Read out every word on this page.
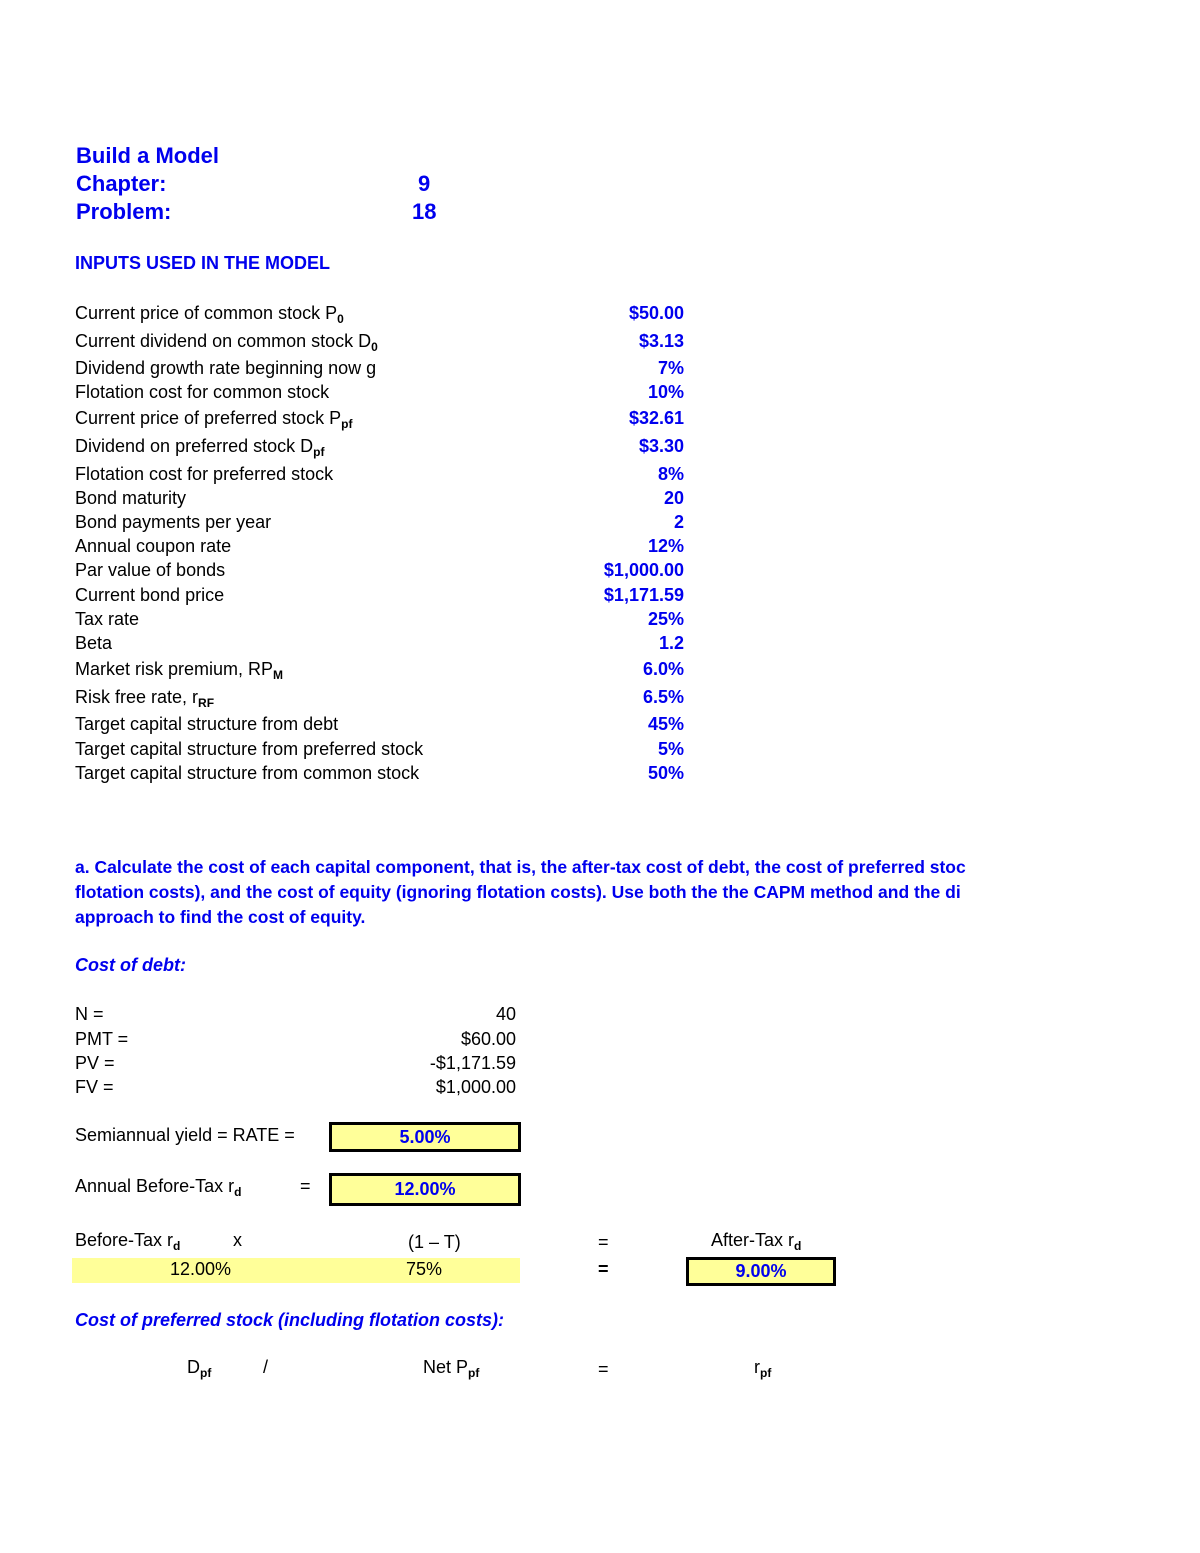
Build a Model
Chapter:	9
Problem:	18
INPUTS USED IN THE MODEL
Current price of common stock $P_0$	$50.00
Current dividend on common stock $D_0$	$3.13
Dividend growth rate beginning now g	7%
Flotation cost for common stock	10%
Current price of preferred stock $P_{pf}$	$32.61
Dividend on preferred stock $D_{pf}$	$3.30
Flotation cost for preferred stock	8%
Bond maturity	20
Bond payments per year	2
Annual coupon rate	12%
Par value of bonds	$1,000.00
Current bond price	$1,171.59
Tax rate	25%
Beta	1.2
Market risk premium, $RP_M$	6.0%
Risk free rate, $r_{RF}$	6.5%
Target capital structure from debt	45%
Target capital structure from preferred stock	5%
Target capital structure from common stock	50%
a. Calculate the cost of each capital component, that is, the after-tax cost of debt, the cost of preferred stoc
flotation costs), and the cost of equity (ignoring flotation costs). Use both the the CAPM method and the di
approach to find the cost of equity.
Cost of debt:
N =	40
PMT =	$60.00
PV =	-$1,171.59
FV =	$1,000.00
Semiannual yield = RATE =	5.00%
Annual Before-Tax $r_d$	=	12.00%
Before-Tax $r_d$	x	(1 – T)	=	After-Tax $r_d$
12.00%	75%	=	9.00%
Cost of preferred stock (including flotation costs):
$D_{pf}$	/	Net $P_{pf}$	=	$r_{pf}$
